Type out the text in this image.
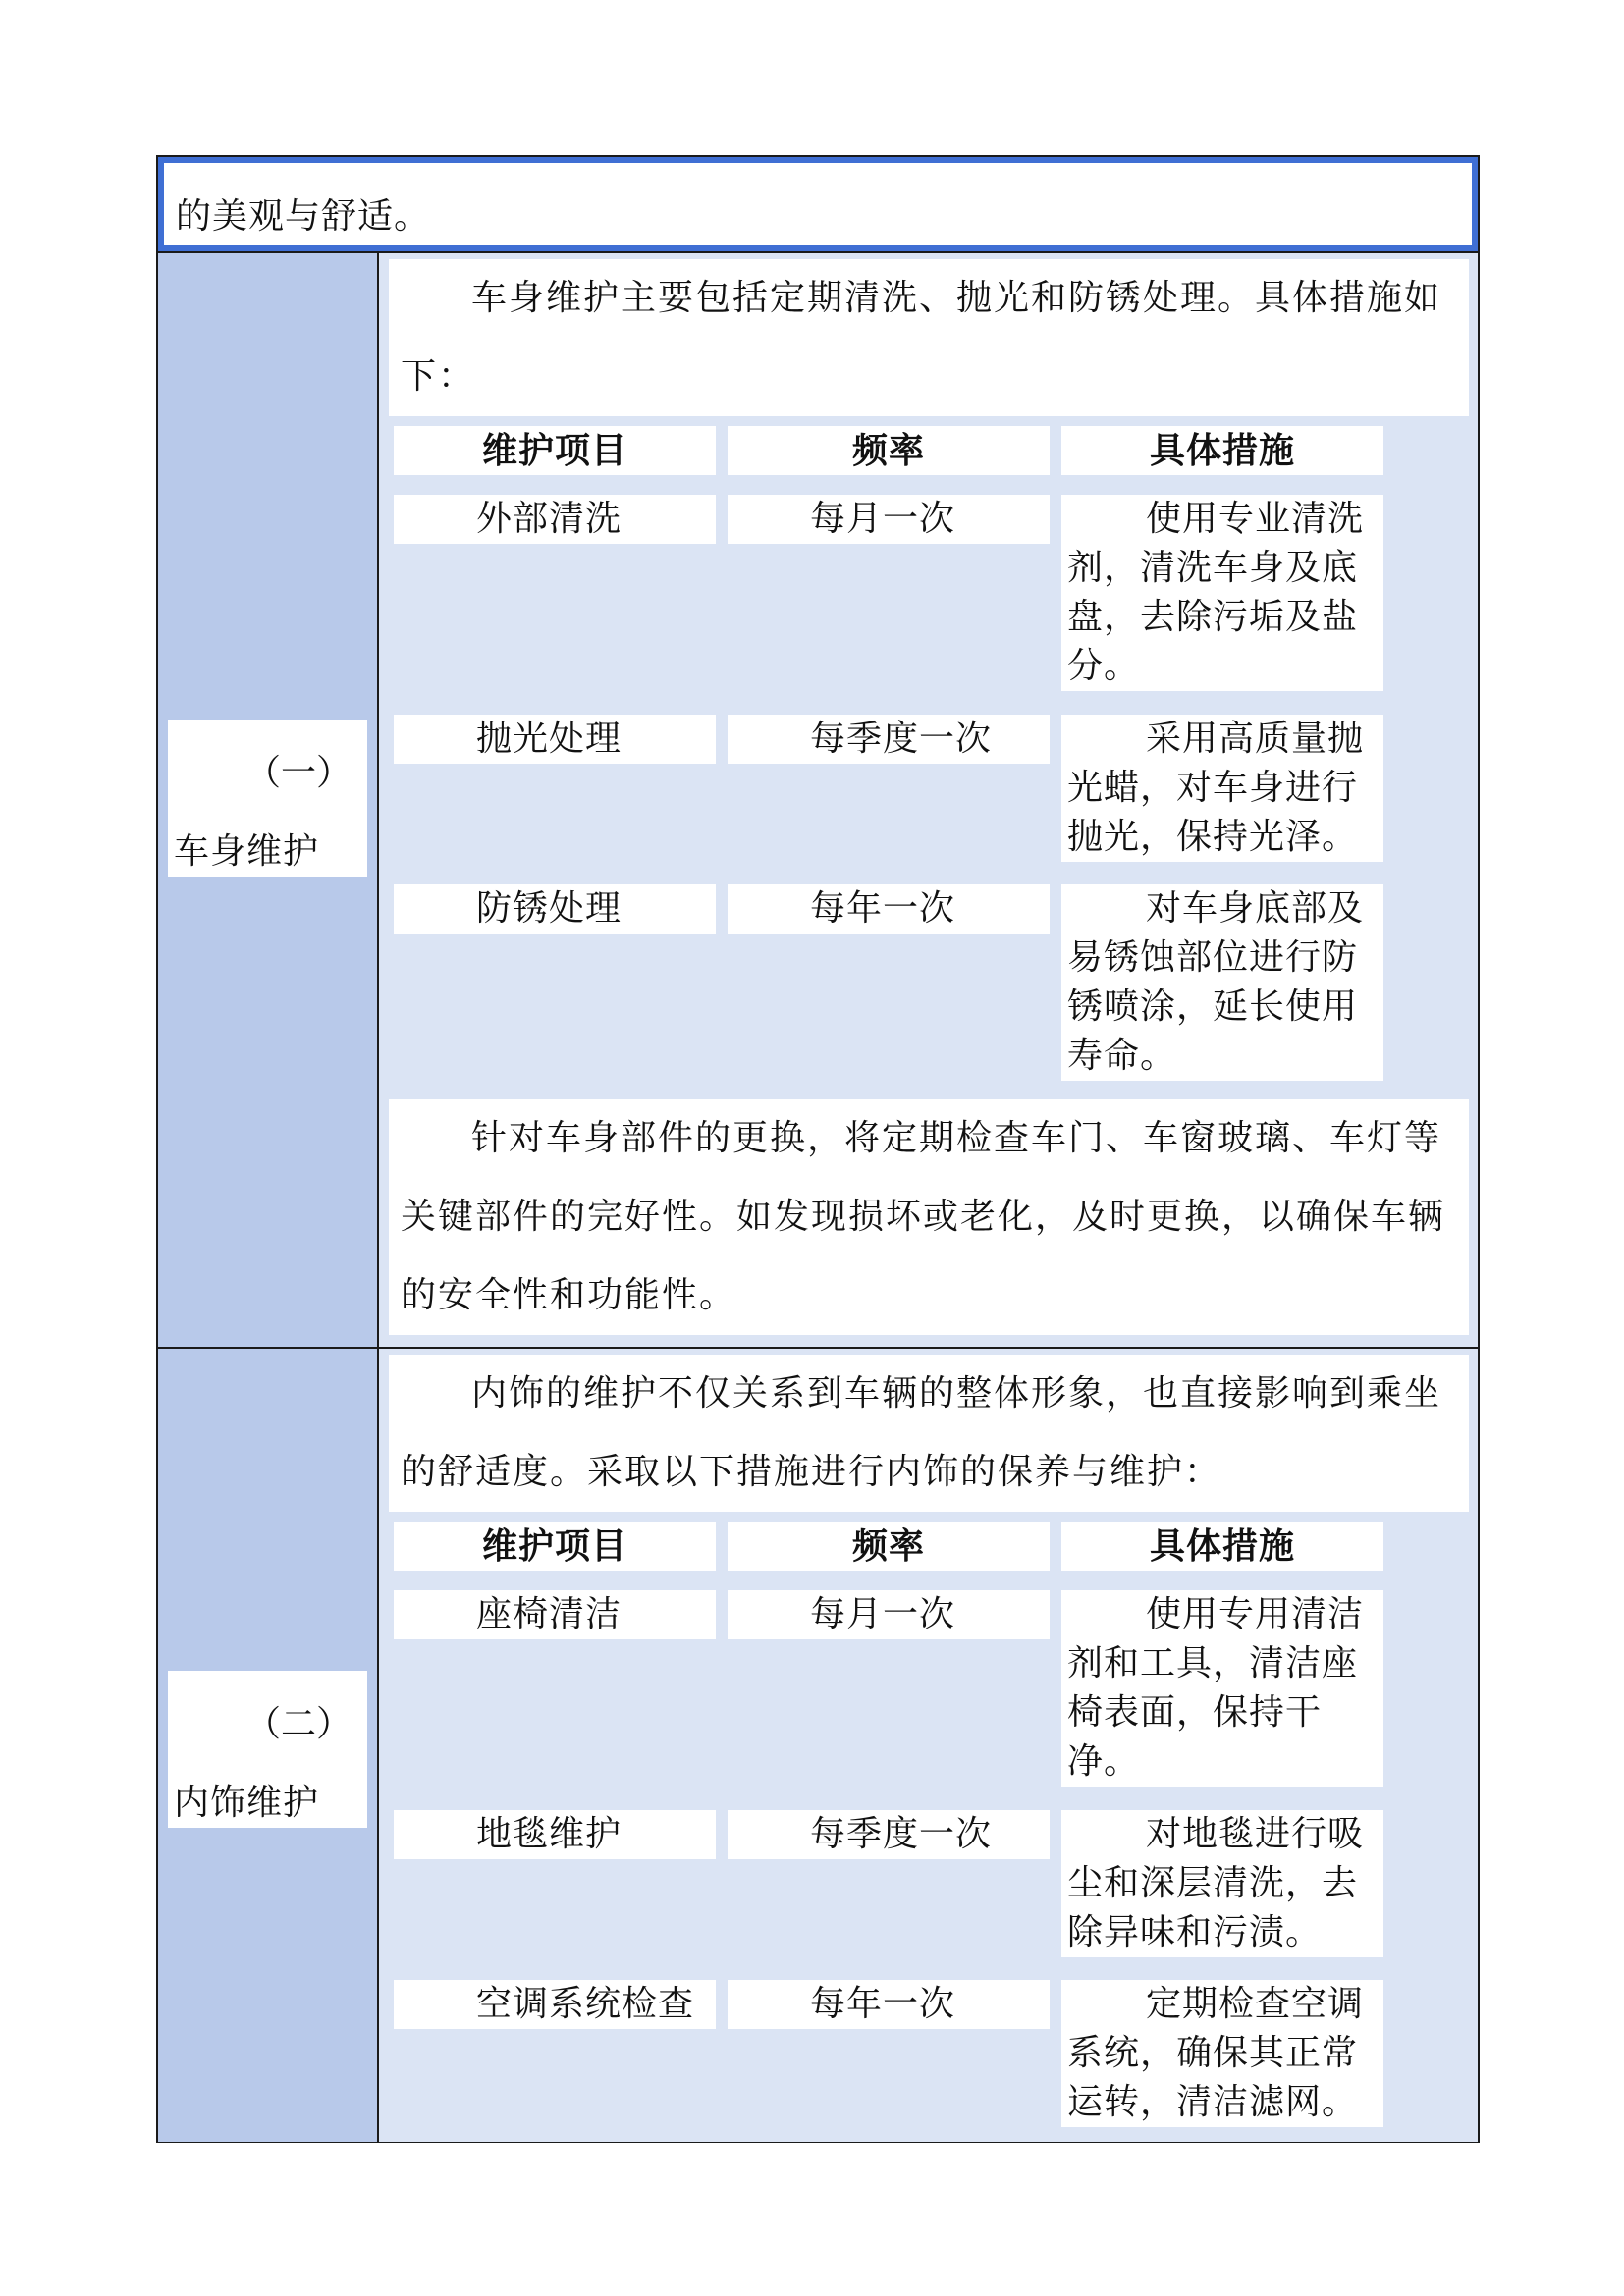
的美观与舒适。
（一）
车身维护
车身维护主要包括定期清洗、抛光和防锈处理。具体措施如下：
维护项目	频率	具体措施
外部清洗	每月一次	使用专业清洗剂，清洗车身及底盘，去除污垢及盐分。
抛光处理	每季度一次	采用高质量抛光蜡，对车身进行抛光，保持光泽。
防锈处理	每年一次	对车身底部及易锈蚀部位进行防锈喷涂，延长使用寿命。
针对车身部件的更换，将定期检查车门、车窗玻璃、车灯等关键部件的完好性。如发现损坏或老化，及时更换，以确保车辆的安全性和功能性。
（二）
内饰维护
内饰的维护不仅关系到车辆的整体形象，也直接影响到乘坐的舒适度。采取以下措施进行内饰的保养与维护：
维护项目	频率	具体措施
座椅清洁	每月一次	使用专用清洁剂和工具，清洁座椅表面，保持干净。
地毯维护	每季度一次	对地毯进行吸尘和深层清洗，去除异味和污渍。
空调系统检查	每年一次	定期检查空调系统，确保其正常运转，清洁滤网。
